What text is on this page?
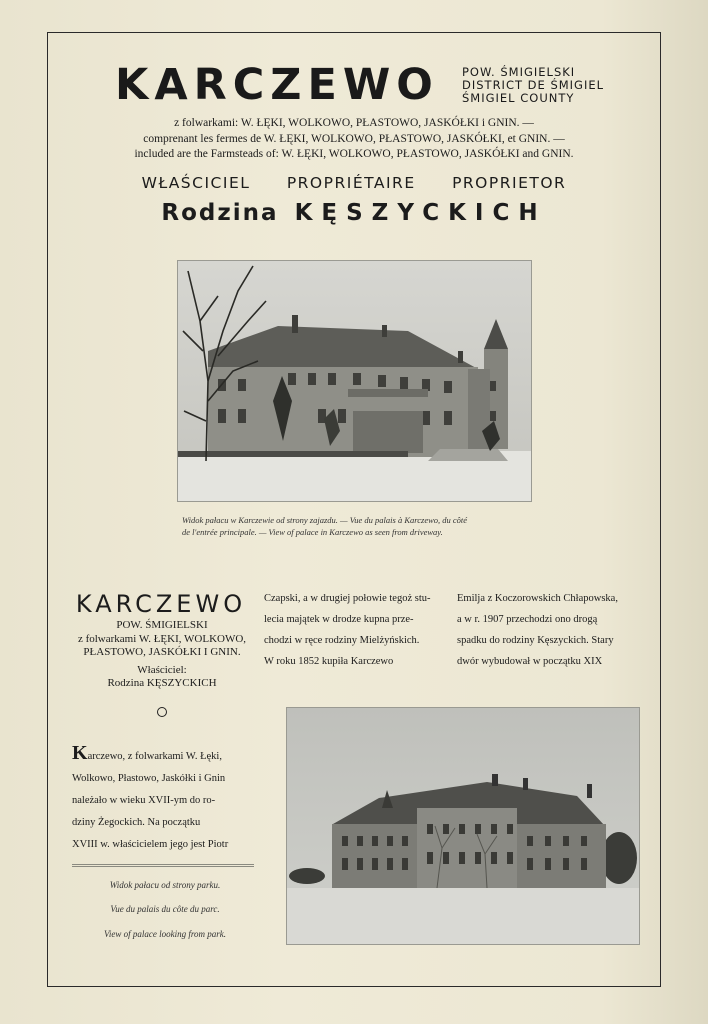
KARCZEWO POW. ŚMIGIELSKI
DISTRICT DE ŚMIGIEL
ŚMIGIEL COUNTY
z folwarkami: W. ŁĘKI, WOLKOWO, PŁASTOWO, JASKÓŁKI i GNIN. —
comprenant les fermes de W. ŁĘKI, WOLKOWO, PŁASTOWO, JASKÓŁKI, et GNIN. —
included are the Farmsteads of: W. ŁĘKI, WOLKOWO, PŁASTOWO, JASKÓŁKI and GNIN.
WŁAŚCICIEL PROPRIÉTAIRE PROPRIETOR
Rodzina KĘSZYCKICH
Widok pałacu w Karczewie od strony zajazdu. — Vue du palais à Karczewo, du côté
de l'entrée principale. — View of palace in Karczewo as seen from driveway.
KARCZEWO
POW. ŚMIGIELSKI
z folwarkami W. ŁĘKI, WOLKOWO,
PŁASTOWO, JASKÓŁKI I GNIN.
Właściciel:
Rodzina KĘSZYCKICH
Karczewo, z folwarkami W. Łęki,
Wolkowo, Płastowo, Jaskółki i Gnin
należało w wieku XVII-ym do ro-
dziny Żegockich. Na początku
XVIII w. właścicielem jego jest Piotr
Widok pałacu od strony parku.
Vue du palais du côte du parc.
View of palace looking from park.
Czapski, a w drugiej połowie tegoż stu-
lecia majątek w drodze kupna prze-
chodzi w ręce rodziny Mielżyńskich.
W roku 1852 kupiła Karczewo
Emilja z Koczorowskich Chłapowska,
a w r. 1907 przechodzi ono drogą
spadku do rodziny Kęszyckich. Stary
dwór wybudował w początku XIX
